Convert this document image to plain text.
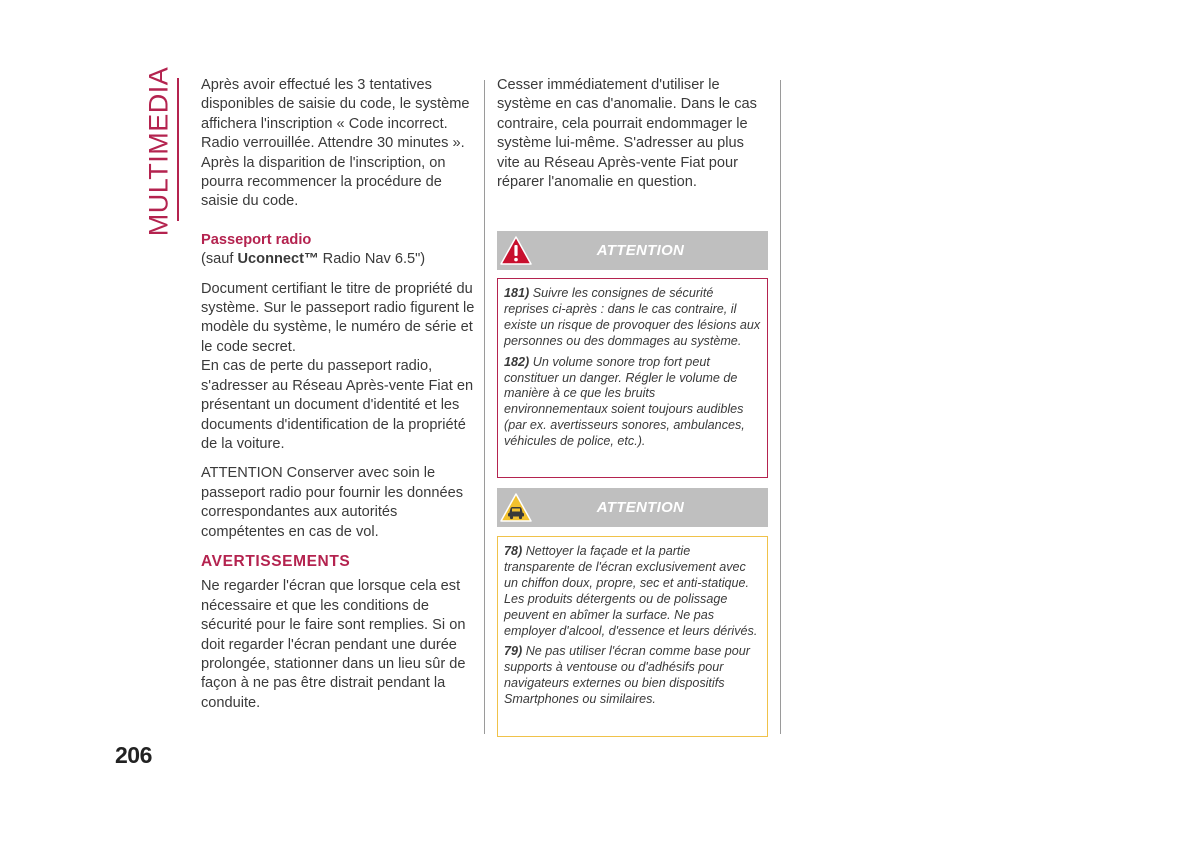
MULTIMEDIA Après avoir effectué les 3 tentatives disponibles de saisie du code, le système affichera l'inscription « Code incorrect. Radio verrouillée. Attendre 30 minutes ». Après la disparition de l'inscription, on pourra recommencer la procédure de saisie du code.

Passeport radio

(sauf Uconnect™ Radio Nav 6.5")

Document certifiant le titre de propriété du système. Sur le passeport radio figurent le modèle du système, le numéro de série et le code secret.

En cas de perte du passeport radio, s'adresser au Réseau Après-vente Fiat en présentant un document d'identité et les documents d'identification de la propriété de la voiture.

ATTENTION Conserver avec soin le passeport radio pour fournir les données correspondantes aux autorités compétentes en cas de vol.

AVERTISSEMENTS

Ne regarder l'écran que lorsque cela est nécessaire et que les conditions de sécurité pour le faire sont remplies. Si on doit regarder l'écran pendant une durée prolongée, stationner dans un lieu sûr de façon à ne pas être distrait pendant la conduite.

Cesser immédiatement d'utiliser le système en cas d'anomalie. Dans le cas contraire, cela pourrait endommager le système lui-même. S'adresser au plus vite au Réseau Après-vente Fiat pour réparer l'anomalie en question.

ATTENTION

181) Suivre les consignes de sécurité reprises ci-après : dans le cas contraire, il existe un risque de provoquer des lésions aux personnes ou des dommages au système.

182) Un volume sonore trop fort peut constituer un danger. Régler le volume de manière à ce que les bruits environnementaux soient toujours audibles (par ex. avertisseurs sonores, ambulances, véhicules de police, etc.).

ATTENTION

78) Nettoyer la façade et la partie transparente de l'écran exclusivement avec un chiffon doux, propre, sec et anti-statique. Les produits détergents ou de polissage peuvent en abîmer la surface. Ne pas employer d'alcool, d'essence et leurs dérivés.

79) Ne pas utiliser l'écran comme base pour supports à ventouse ou d'adhésifs pour navigateurs externes ou bien dispositifs Smartphones ou similaires.

206
